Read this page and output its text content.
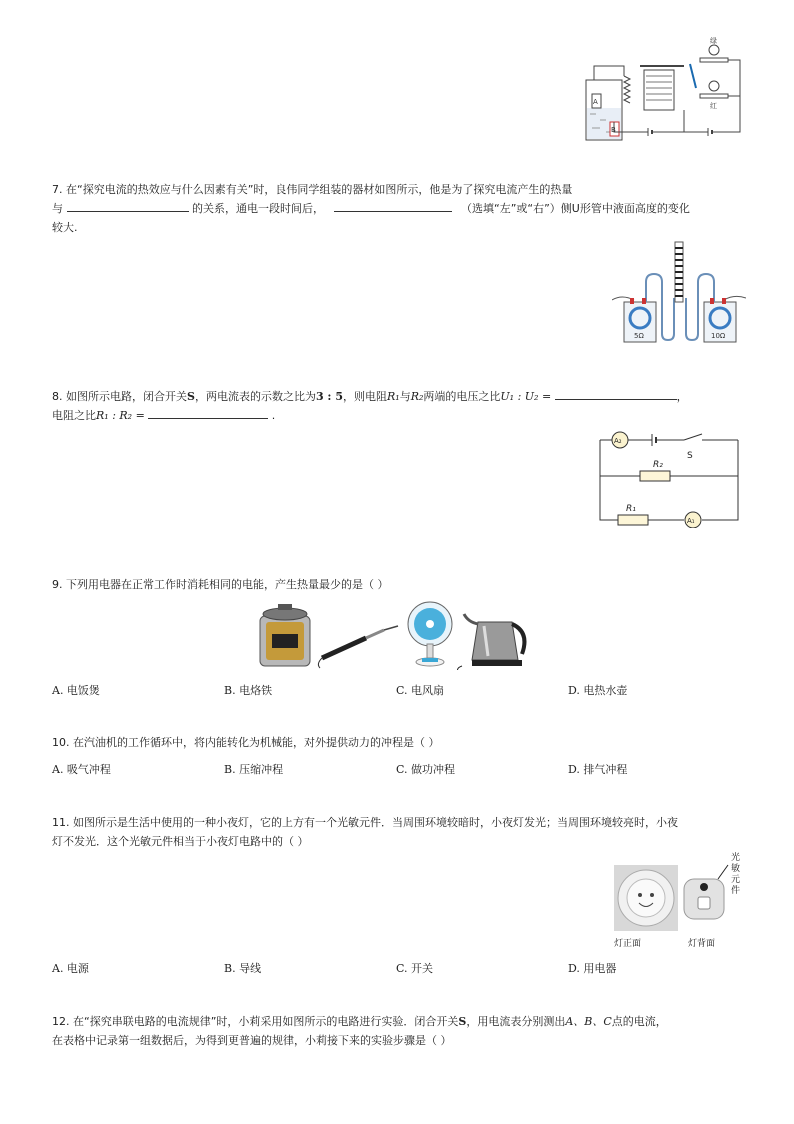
绿
红
A
B
7. 在“探究电流的热效应与什么因素有关”时，良伟同学组装的器材如图所示，他是为了探究电流产生的热量
与	的关系，通电一段时间后，	（选填“左”或“右”）侧U形管中液面高度的变化
较大.
5Ω	10Ω
8. 如图所示电路，闭合开关S，两电流表的示数之比为3 : 5，则电阻R₁与R₂两端的电压之比U₁ : U₂ =	，
电阻之比R₁ : R₂ =	.
A₂
A₁
R₂
R₁
S
9. 下列用电器在正常工作时消耗相同的电能，产生热量最少的是（ ）
A. 电饭煲	B. 电烙铁	C. 电风扇	D. 电热水壶
10. 在汽油机的工作循环中，将内能转化为机械能，对外提供动力的冲程是（ ）
A. 吸气冲程	B. 压缩冲程	C. 做功冲程	D. 排气冲程
11. 如图所示是生活中使用的一种小夜灯，它的上方有一个光敏元件．当周围环境较暗时，小夜灯发光；当周围环境较亮时，小夜
灯不发光．这个光敏元件相当于小夜灯电路中的（ ）
灯正面	灯背面
光敏元件
A. 电源	B. 导线	C. 开关	D. 用电器
12. 在“探究串联电路的电流规律”时，小莉采用如图所示的电路进行实验．闭合开关S，用电流表分别测出A、B、C点的电流，
在表格中记录第一组数据后，为得到更普遍的规律，小莉接下来的实验步骤是（ ）
